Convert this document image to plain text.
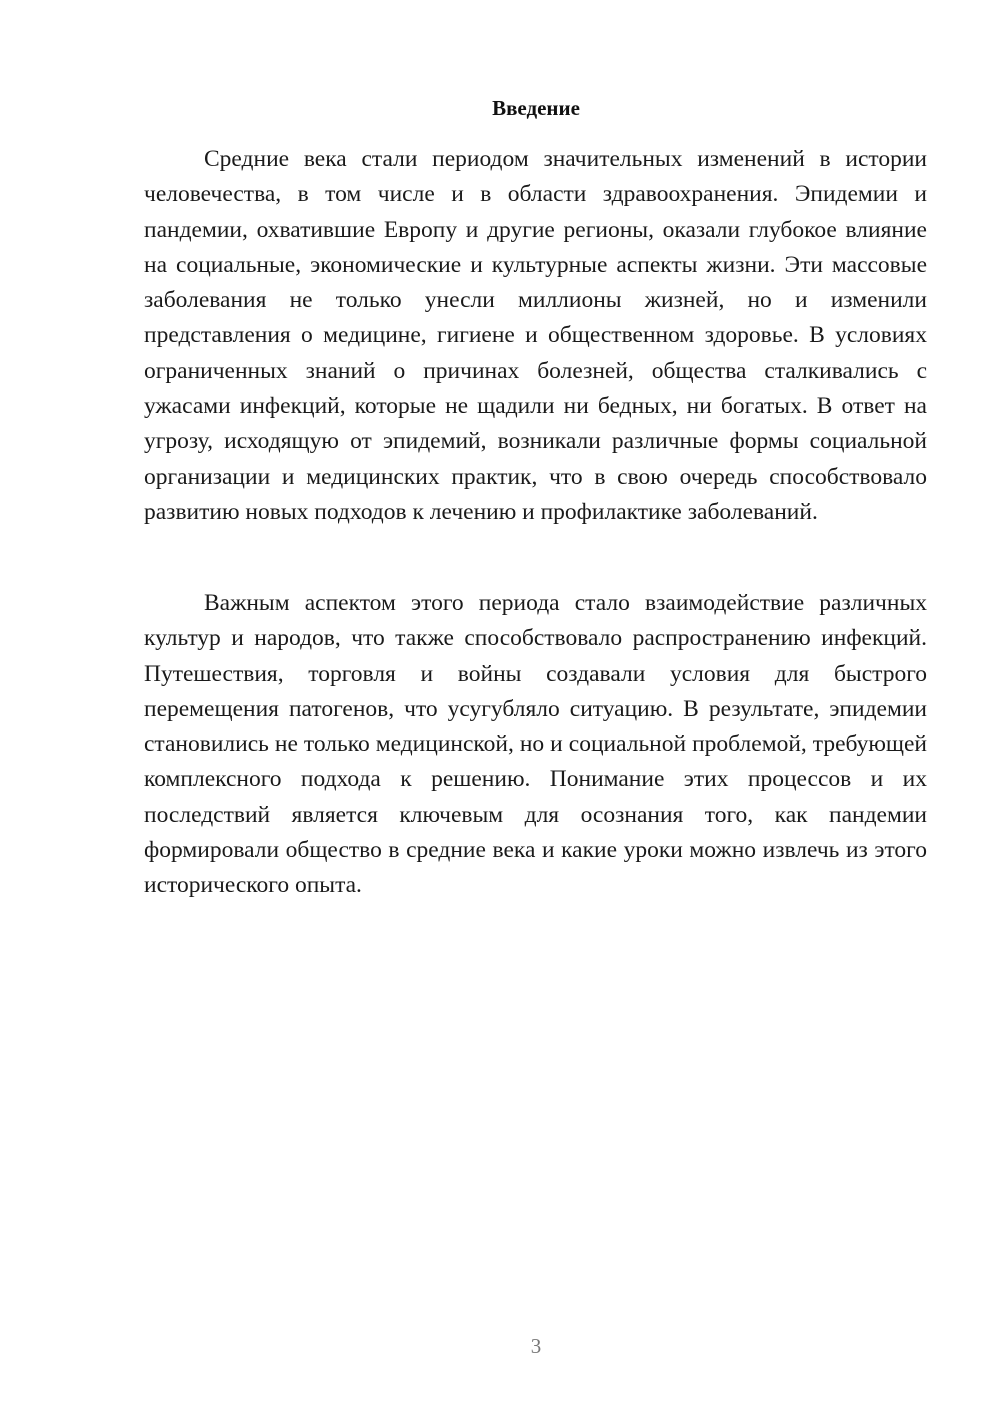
Введение

Средние века стали периодом значительных изменений в истории человечества, в том числе и в области здравоохранения. Эпидемии и пандемии, охватившие Европу и другие регионы, оказали глубокое влияние на социальные, экономические и культурные аспекты жизни. Эти массовые заболевания не только унесли миллионы жизней, но и изменили представления о медицине, гигиене и общественном здоровье. В условиях ограниченных знаний о причинах болезней, общества сталкивались с ужасами инфекций, которые не щадили ни бедных, ни богатых. В ответ на угрозу, исходящую от эпидемий, возникали различные формы социальной организации и медицинских практик, что в свою очередь способствовало развитию новых подходов к лечению и профилактике заболеваний.

Важным аспектом этого периода стало взаимодействие различных культур и народов, что также способствовало распространению инфекций. Путешествия, торговля и войны создавали условия для быстрого перемещения патогенов, что усугубляло ситуацию. В результате, эпидемии становились не только медицинской, но и социальной проблемой, требующей комплексного подхода к решению. Понимание этих процессов и их последствий является ключевым для осознания того, как пандемии формировали общество в средние века и какие уроки можно извлечь из этого исторического опыта.

3
